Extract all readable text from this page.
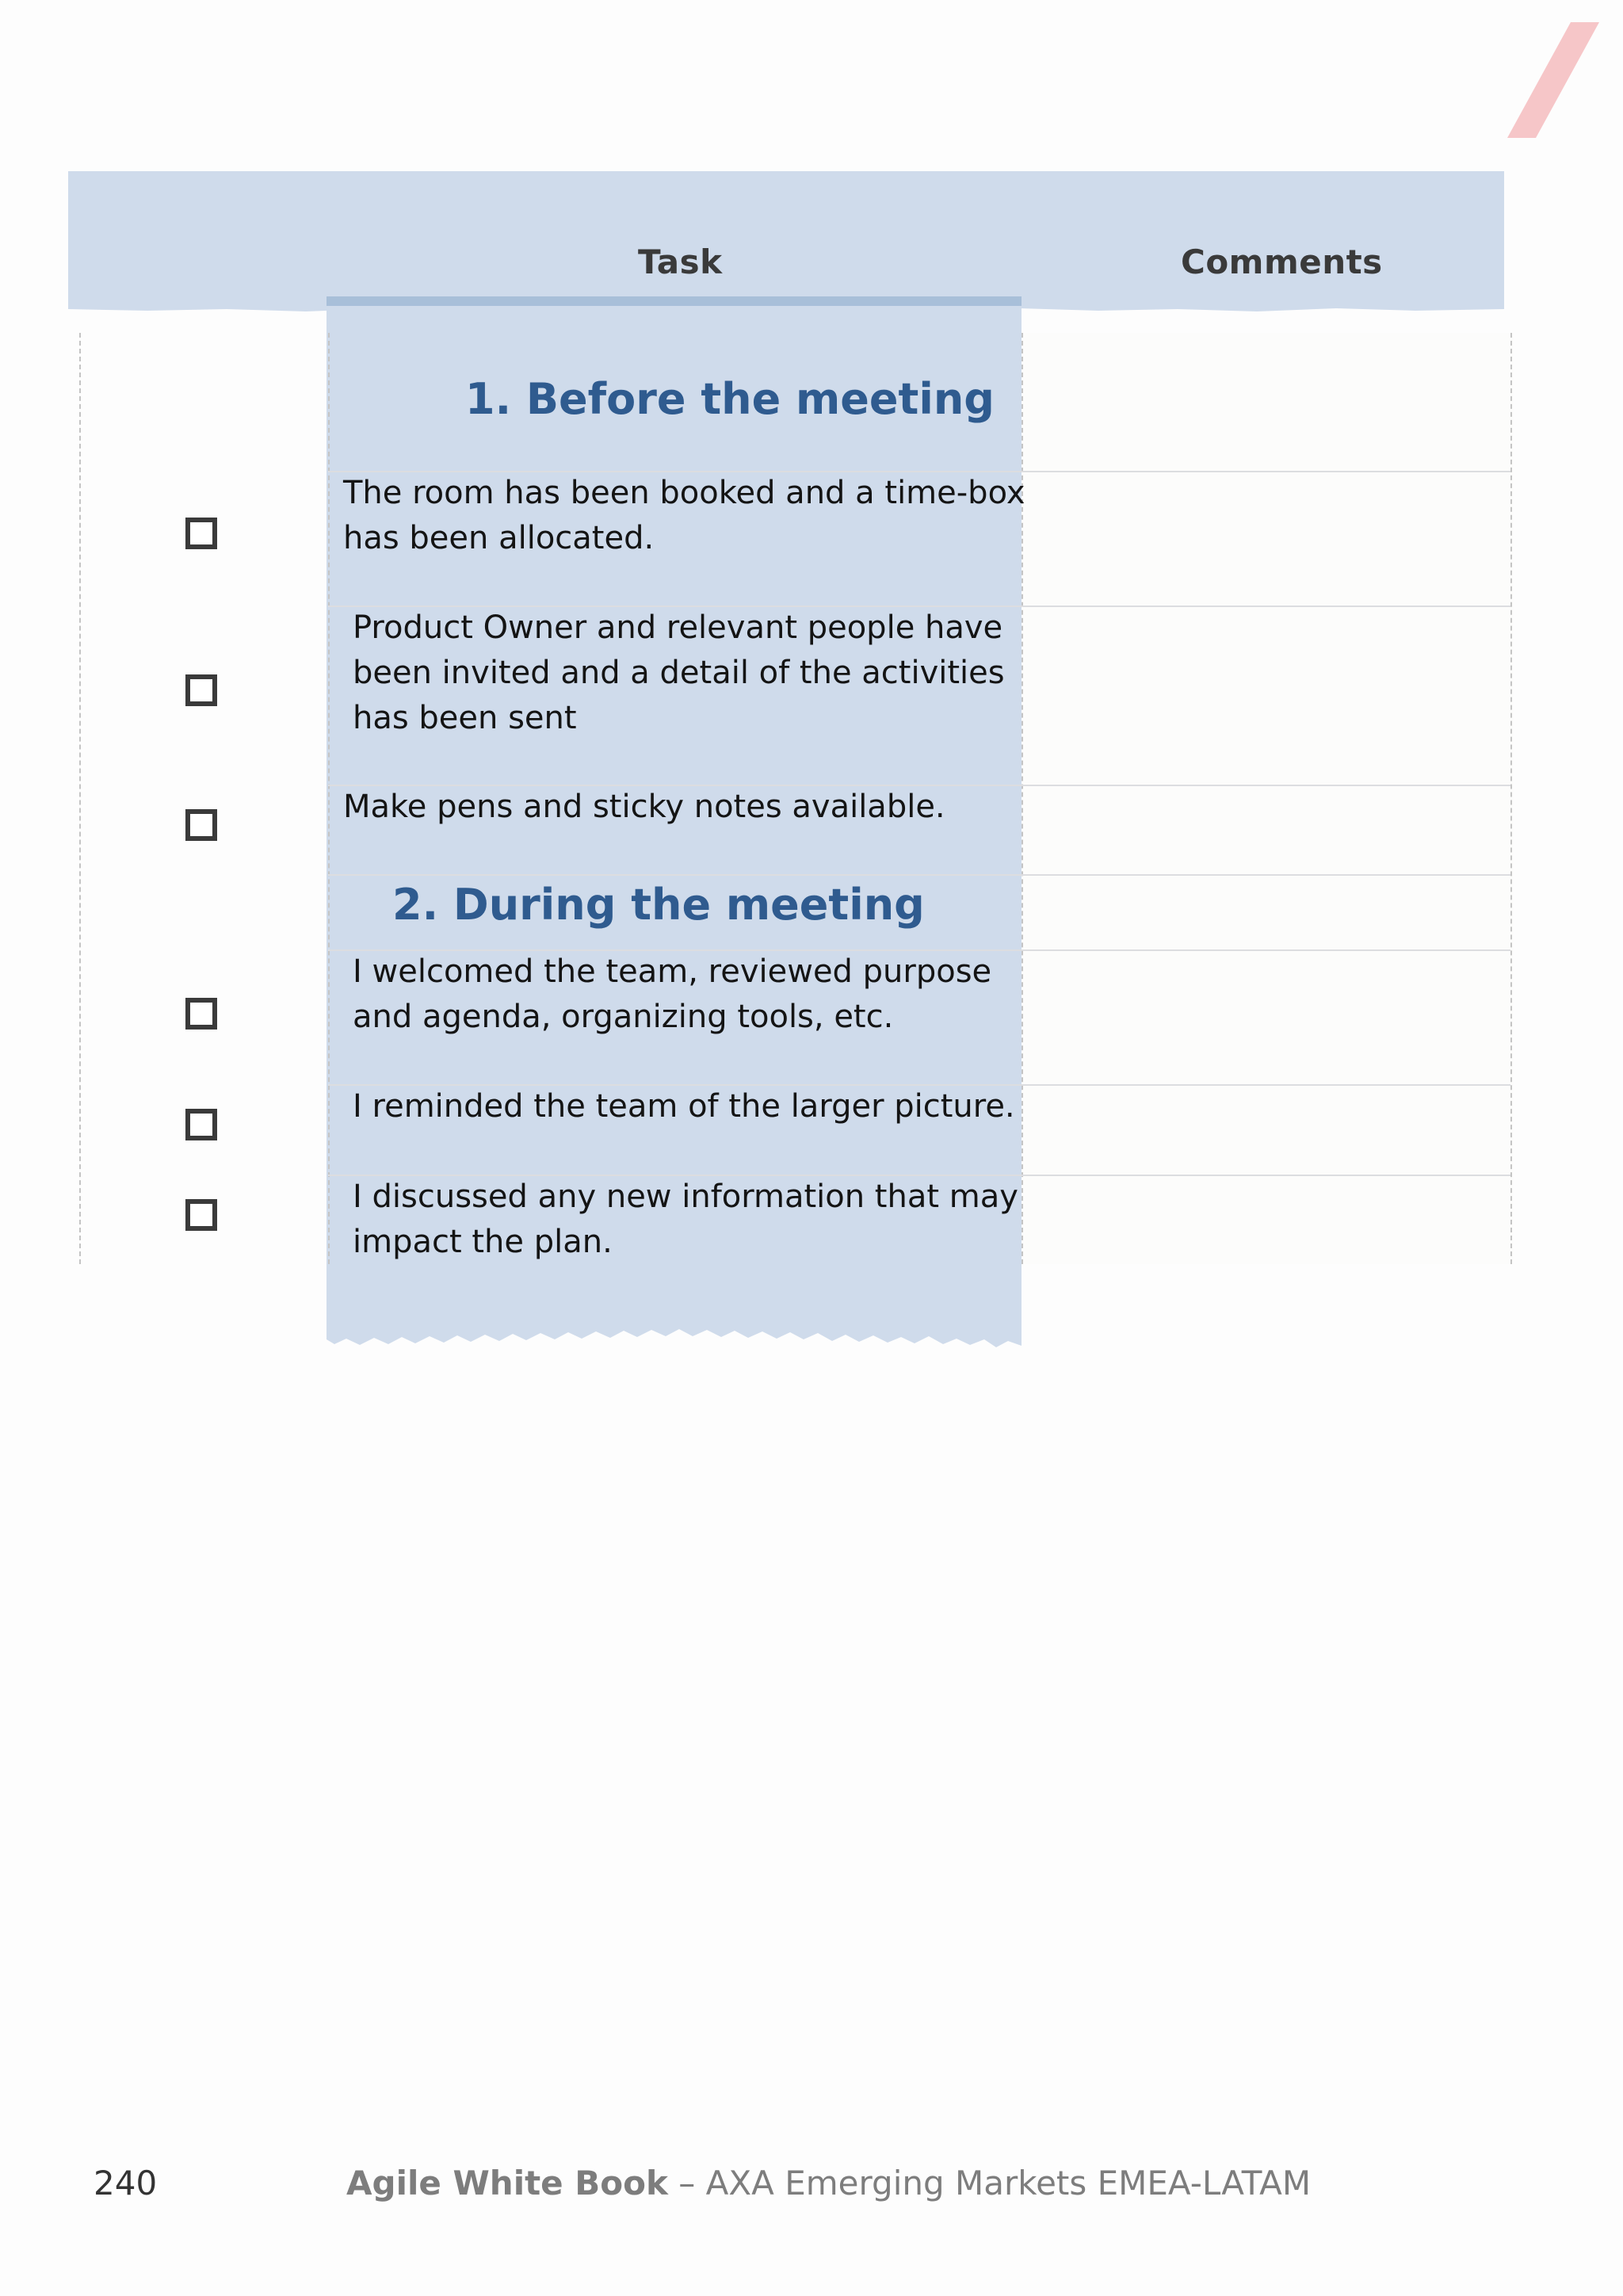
Task	Comments
1. Before the meeting
The room has been booked and a time-box
has been allocated.
Product Owner and relevant people have
been invited and a detail of the activities
has been sent
Make pens and sticky notes available.
2. During the meeting
I welcomed the team, reviewed purpose
and agenda, organizing tools, etc.
I reminded the team of the larger picture.
I discussed any new information that may
impact the plan.
240	Agile White Book – AXA Emerging Markets EMEA-LATAM
